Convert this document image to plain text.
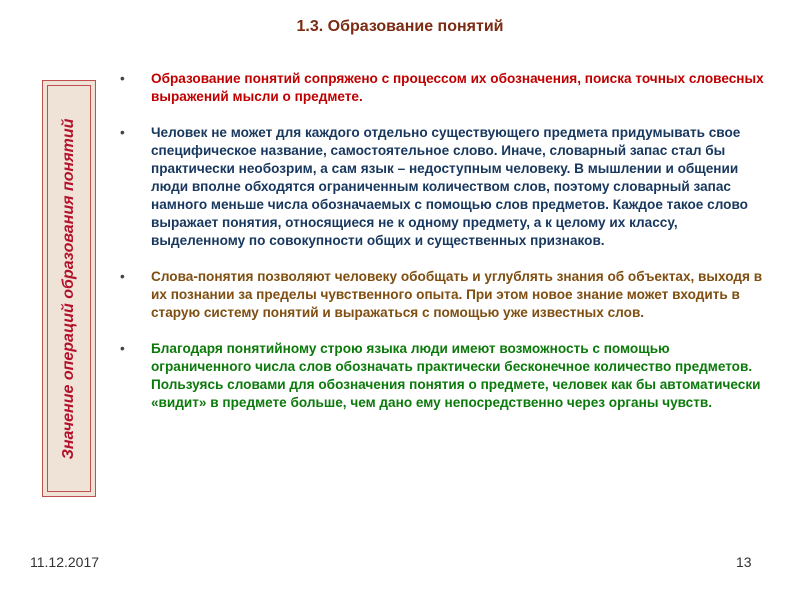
1.3. Образование понятий
Значение операций образования понятий
• Образование понятий сопряжено с процессом их обозначения, поиска точных словесных выражений мысли о предмете.
• Человек не может для каждого отдельно существующего предмета придумывать свое специфическое название, самостоятельное слово. Иначе, словарный запас стал бы практически необозрим, а сам язык – недоступным человеку. В мышлении и общении люди вполне обходятся ограниченным количеством слов, поэтому словарный запас намного меньше числа обозначаемых с помощью слов предметов. Каждое такое слово выражает понятия, относящиеся не к одному предмету, а к целому их классу, выделенному по совокупности общих и существенных признаков.
• Слова-понятия позволяют человеку обобщать и углублять знания об объектах, выходя в их познании за пределы чувственного опыта. При этом новое знание может входить в старую систему понятий и выражаться с помощью уже известных слов.
• Благодаря понятийному строю языка люди имеют возможность с помощью ограниченного числа слов обозначать практически бесконечное количество предметов. Пользуясь словами для обозначения понятия о предмете, человек как бы автоматически «видит» в предмете больше, чем дано ему непосредственно через органы чувств.
11.12.2017	13
